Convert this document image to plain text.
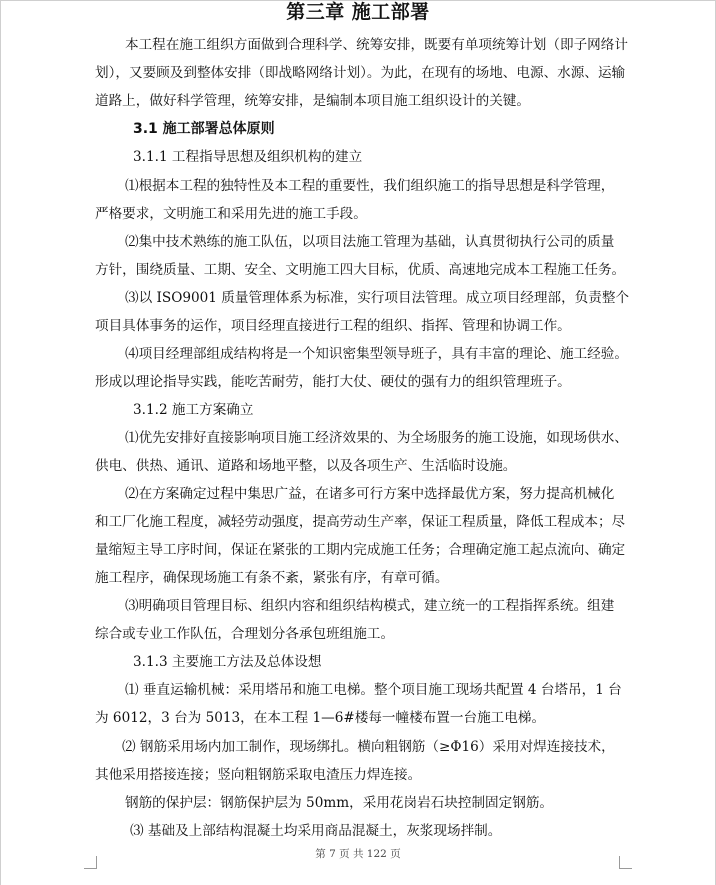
第三章 施工部署
本工程在施工组织方面做到合理科学、统筹安排，既要有单项统筹计划（即子网络计
划），又要顾及到整体安排（即战略网络计划）。为此，在现有的场地、电源、水源、运输
道路上，做好科学管理，统筹安排，是编制本项目施工组织设计的关键。
3.1 施工部署总体原则
3.1.1 工程指导思想及组织机构的建立
⑴根据本工程的独特性及本工程的重要性，我们组织施工的指导思想是科学管理，
严格要求，文明施工和采用先进的施工手段。
⑵集中技术熟练的施工队伍，以项目法施工管理为基础，认真贯彻执行公司的质量
方针，围绕质量、工期、安全、文明施工四大目标，优质、高速地完成本工程施工任务。
⑶以 ISO9001 质量管理体系为标准，实行项目法管理。成立项目经理部，负责整个
项目具体事务的运作，项目经理直接进行工程的组织、指挥、管理和协调工作。
⑷项目经理部组成结构将是一个知识密集型领导班子，具有丰富的理论、施工经验。
形成以理论指导实践，能吃苦耐劳，能打大仗、硬仗的强有力的组织管理班子。
3.1.2 施工方案确立
⑴优先安排好直接影响项目施工经济效果的、为全场服务的施工设施，如现场供水、
供电、供热、通讯、道路和场地平整，以及各项生产、生活临时设施。
⑵在方案确定过程中集思广益，在诸多可行方案中选择最优方案，努力提高机械化
和工厂化施工程度，减轻劳动强度，提高劳动生产率，保证工程质量，降低工程成本；尽
量缩短主导工序时间，保证在紧张的工期内完成施工任务；合理确定施工起点流向、确定
施工程序，确保现场施工有条不紊，紧张有序，有章可循。
⑶明确项目管理目标、组织内容和组织结构模式，建立统一的工程指挥系统。组建
综合或专业工作队伍，合理划分各承包班组施工。
3.1.3 主要施工方法及总体设想
⑴ 垂直运输机械：采用塔吊和施工电梯。整个项目施工现场共配置 4 台塔吊，1 台
为 6012，3 台为 5013，在本工程 1—6#楼每一幢楼布置一台施工电梯。
⑵ 钢筋采用场内加工制作，现场绑扎。横向粗钢筋（≥Φ16）采用对焊连接技术，
其他采用搭接连接；竖向粗钢筋采取电渣压力焊连接。
钢筋的保护层：钢筋保护层为 50mm，采用花岗岩石块控制固定钢筋。
⑶ 基础及上部结构混凝土均采用商品混凝土，灰浆现场拌制。
第 7 页 共 122 页
